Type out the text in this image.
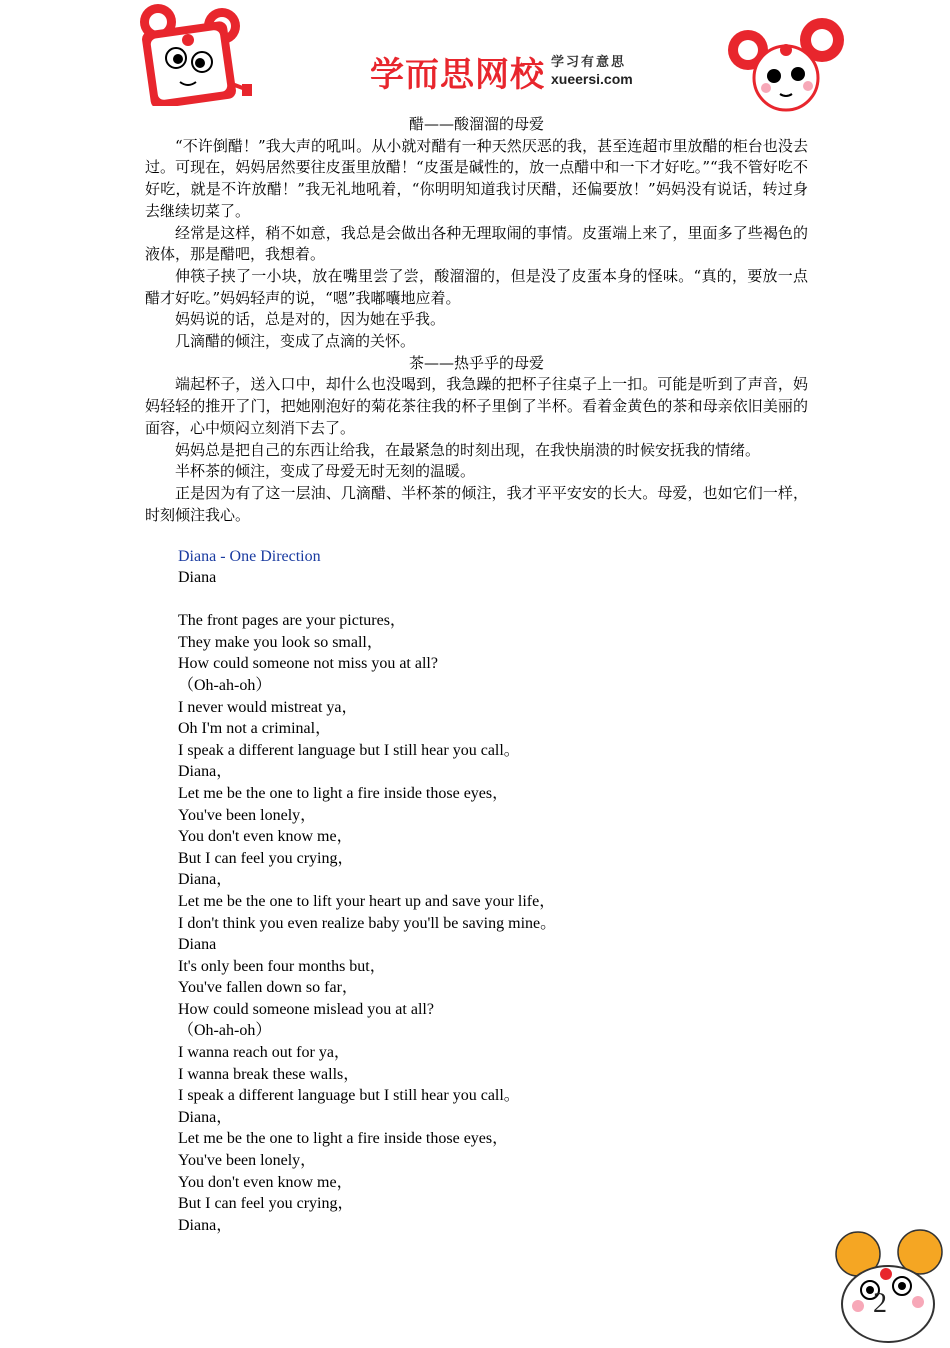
学而思网校 学习有意思
xueersi.com

醋——酸溜溜的母爱

“不许倒醋！”我大声的吼叫。从小就对醋有一种天然厌恶的我，甚至连超市里放醋的柜台也没去过。可现在，妈妈居然要往皮蛋里放醋！“皮蛋是碱性的，放一点醋中和一下才好吃。”“我不管好吃不好吃，就是不许放醋！”我无礼地吼着，“你明明知道我讨厌醋，还偏要放！”妈妈没有说话，转过身去继续切菜了。

经常是这样，稍不如意，我总是会做出各种无理取闹的事情。皮蛋端上来了，里面多了些褐色的液体，那是醋吧，我想着。

伸筷子挟了一小块，放在嘴里尝了尝，酸溜溜的，但是没了皮蛋本身的怪味。“真的，要放一点醋才好吃。”妈妈轻声的说，“嗯”我嘟囔地应着。

妈妈说的话，总是对的，因为她在乎我。

几滴醋的倾注，变成了点滴的关怀。

茶——热乎乎的母爱

端起杯子，送入口中，却什么也没喝到，我急躁的把杯子往桌子上一扣。可能是听到了声音，妈妈轻轻的推开了门，把她刚泡好的菊花茶往我的杯子里倒了半杯。看着金黄色的茶和母亲依旧美丽的面容，心中烦闷立刻消下去了。

妈妈总是把自己的东西让给我，在最紧急的时刻出现，在我快崩溃的时候安抚我的情绪。

半杯茶的倾注，变成了母爱无时无刻的温暖。

正是因为有了这一层油、几滴醋、半杯茶的倾注，我才平平安安的长大。母爱，也如它们一样，时刻倾注我心。

Diana - One Direction
Diana
The front pages are your pictures，
They make you look so small，
How could someone not miss you at all?
（Oh-ah-oh）
I never would mistreat ya，
Oh I'm not a criminal，
I speak a different language but I still hear you call。
Diana，
Let me be the one to light a fire inside those eyes，
You've been lonely，
You don't even know me，
But I can feel you crying，
Diana，
Let me be the one to lift your heart up and save your life，
I don't think you even realize baby you'll be saving mine。
Diana
It's only been four months but，
You've fallen down so far，
How could someone mislead you at all?
（Oh-ah-oh）
I wanna reach out for ya，
I wanna break these walls，
I speak a different language but I still hear you call。
Diana，
Let me be the one to light a fire inside those eyes，
You've been lonely，
You don't even know me，
But I can feel you crying，
Diana，
2
